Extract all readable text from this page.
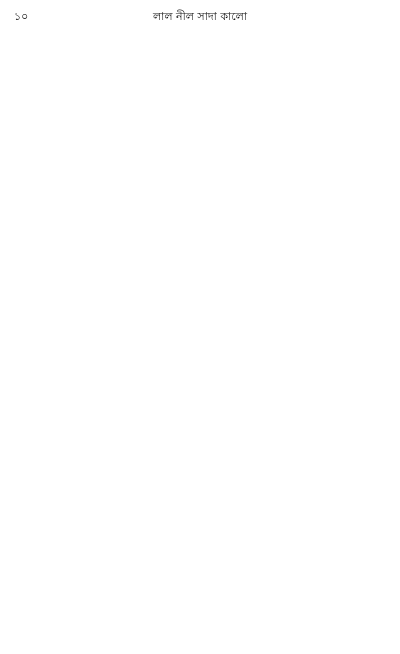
১০	লাল নীল সাদা কালো
